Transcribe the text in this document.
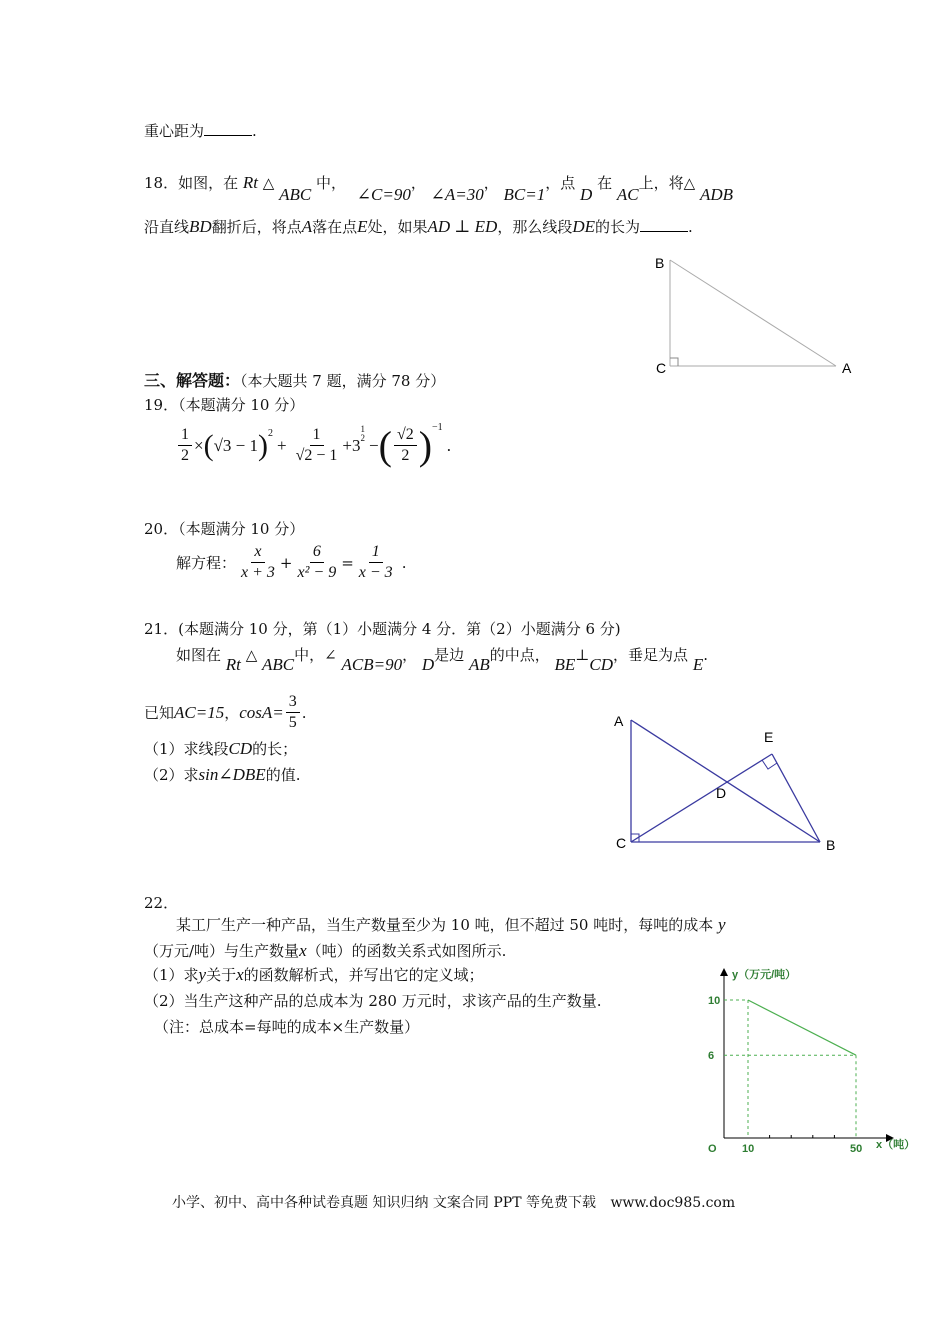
重心距为	.
18．如图，在 Rt △ ABC 中， ∠C=90， ∠A=30， BC=1，点 D 在 AC上，将△ ADB
沿直线BD翻折后，将点A落在点E处，如果AD ⊥ ED，那么线段DE的长为	.
B
C	A
三、解答题：（本大题共 7 题，满分 78 分）
19．（本题满分 10 分）
$\frac{1}{2}$ × ( √3 − 1 )$^2$
+ $\frac{1}{√2 - 1} +3$
1
2 − ( $\frac{√2}{2} )^{-1}$
.
20．（本题满分 10 分）
解方程： $\frac{x}{x + 3} + \frac{6}{\text{x² − 9}} = \frac{1}{x - 3}$ .
21．(本题满分 10 分，第（1）小题满分 4 分．第（2）小题满分 6 分)
如图在 Rt △ ABC中，∠ ACB=90， D是边 AB的中点， BE⊥CD，垂足为点 E.
已知 AC=15 ， $\cos A= \frac{3}{5}$ .
（1）求线段CD的长；
（2）求sin∠DBE的值.
A
E
D
C	B
22．
某工厂生产一种产品，当生产数量至少为 10 吨，但不超过 50 吨时，每吨的成本 y
（万元/吨）与生产数量x（吨）的函数关系式如图所示.
（1）求y关于x的函数解析式，并写出它的定义域；
（2）当生产这种产品的总成本为 280 万元时，求该产品的生产数量.
（注：总成本=每吨的成本×生产数量）
y（万元/吨）
x（吨）
O 10	50
10
6
小学、初中、高中各种试卷真题 知识归纳 文案合同 PPT 等免费下载 www.doc985.com
